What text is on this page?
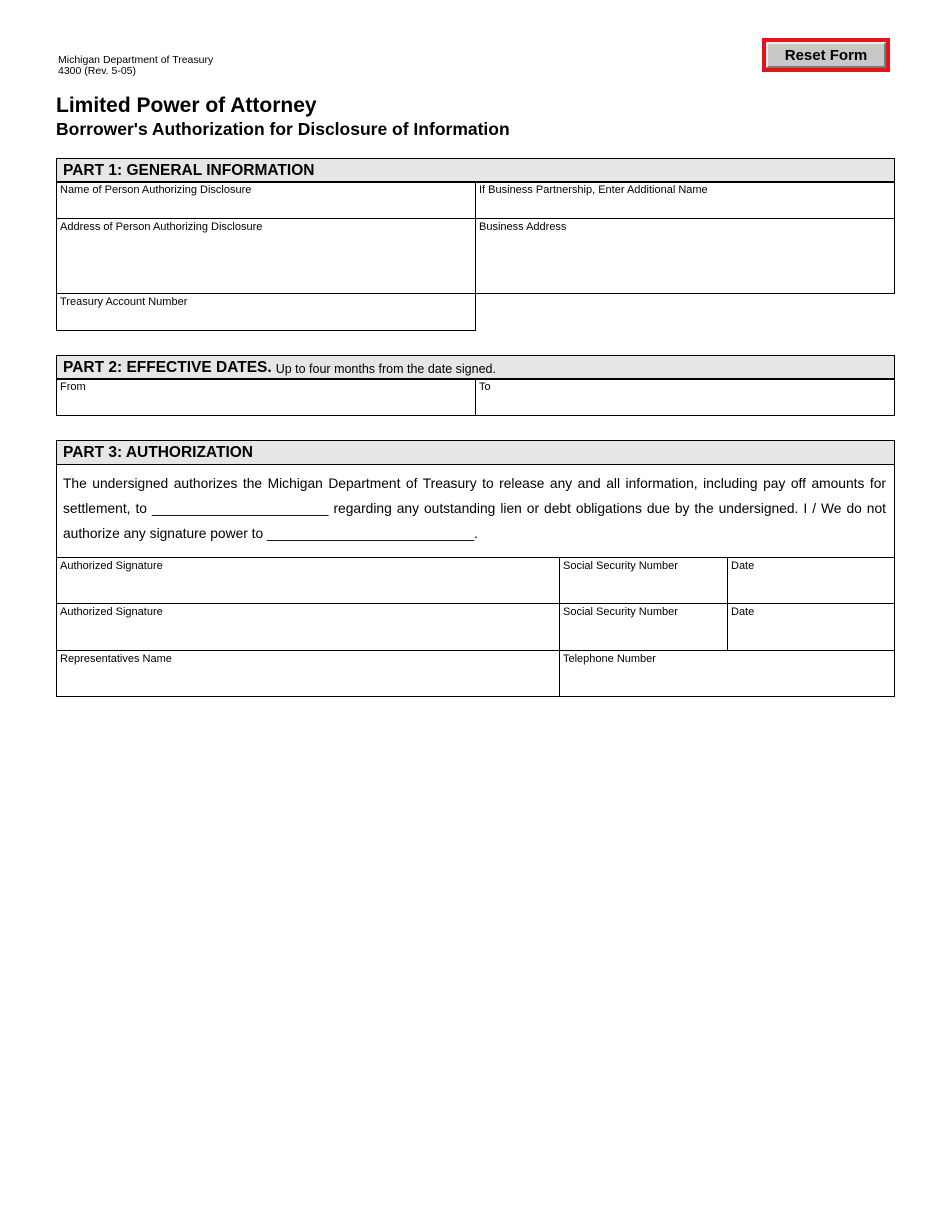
Michigan Department of Treasury
4300 (Rev. 5-05)
Reset Form
Limited Power of Attorney
Borrower's Authorization for Disclosure of Information
PART 1: GENERAL INFORMATION
Name of Person Authorizing Disclosure	If Business Partnership, Enter Additional Name
Address of Person Authorizing Disclosure	Business Address
Treasury Account Number
PART 2: EFFECTIVE DATES. Up to four months from the date signed.
From	To
PART 3: AUTHORIZATION
The undersigned authorizes the Michigan Department of Treasury to release any and all information, including pay off amounts for settlement, to _______________________ regarding any outstanding lien or debt obligations due by the undersigned. I / We do not authorize any signature power to ___________________________.
Authorized Signature	Social Security Number	Date
Authorized Signature	Social Security Number	Date
Representatives Name	Telephone Number
